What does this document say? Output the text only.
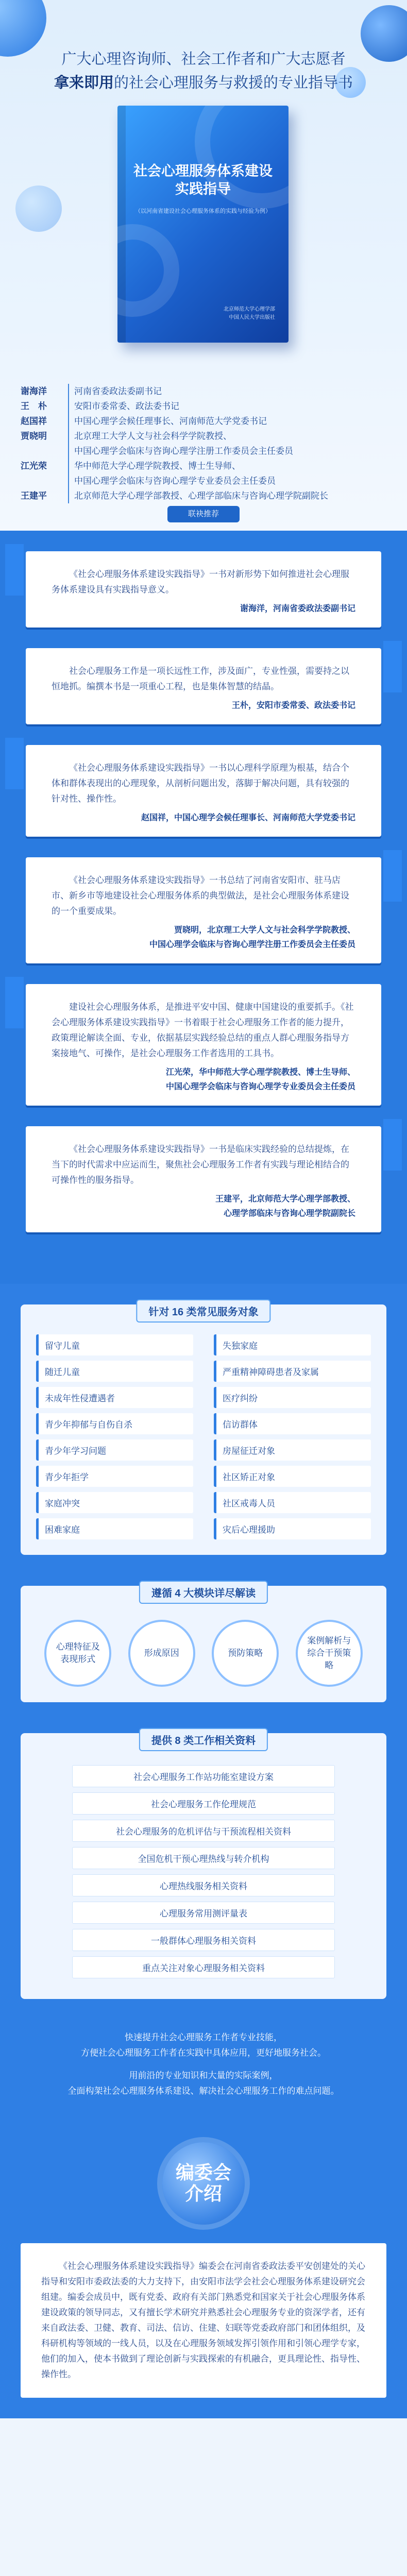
广大心理咨询师、社会工作者和广大志愿者
拿来即用的社会心理服务与救援的专业指导书
社会心理服务体系建设
实践指导
（以河南省建设社会心理服务体系的实践与经验为例）
北京师范大学心理学部
中国人民大学出版社
谢海洋	河南省委政法委副书记
王　朴	安阳市委常委、政法委书记
赵国祥	中国心理学会候任理事长、河南师范大学党委书记
贾晓明	北京理工大学人文与社会科学学院教授、
中国心理学会临床与咨询心理学注册工作委员会主任委员
江光荣	华中师范大学心理学院教授、博士生导师、
中国心理学会临床与咨询心理学专业委员会主任委员
王建平	北京师范大学心理学部教授、心理学部临床与咨询心理学院副院长
联袂推荐

《社会心理服务体系建设实践指导》一书对新形势下如何推进社会心理服务体系建设具有实践指导意义。

谢海洋，河南省委政法委副书记

社会心理服务工作是一项长远性工作，涉及面广，专业性强，需要持之以恒地抓。编撰本书是一项重心工程，也是集体智慧的结晶。

王朴，安阳市委常委、政法委书记

《社会心理服务体系建设实践指导》一书以心理科学原理为根基，结合个体和群体表现出的心理现象，从剖析问题出发，落脚于解决问题，具有较强的针对性、操作性。

赵国祥，中国心理学会候任理事长、河南师范大学党委书记

《社会心理服务体系建设实践指导》一书总结了河南省安阳市、驻马店市、新乡市等地建设社会心理服务体系的典型做法，是社会心理服务体系建设的一个重要成果。

贾晓明，北京理工大学人文与社会科学学院教授、
中国心理学会临床与咨询心理学注册工作委员会主任委员

建设社会心理服务体系，是推进平安中国、健康中国建设的重要抓手。《社会心理服务体系建设实践指导》一书着眼于社会心理服务工作者的能力提升，政策理论解读全面、专业，依据基层实践经验总结的重点人群心理服务指导方案接地气、可操作，是社会心理服务工作者选用的工具书。

江光荣，华中师范大学心理学院教授、博士生导师、
中国心理学会临床与咨询心理学专业委员会主任委员

《社会心理服务体系建设实践指导》一书是临床实践经验的总结提炼，在当下的时代需求中应运而生，聚焦社会心理服务工作者有实践与理论相结合的可操作性的服务指导。

王建平，北京师范大学心理学部教授、
心理学部临床与咨询心理学院副院长
针对 16 类常见服务对象
留守儿童	失独家庭
随迁儿童	严重精神障碍患者及家属
未成年性侵遭遇者	医疗纠纷
青少年抑郁与自伤自杀	信访群体
青少年学习问题	房屋征迁对象
青少年拒学	社区矫正对象
家庭冲突	社区戒毒人员
困难家庭	灾后心理援助
遵循 4 大模块详尽解读
心理特征及表现形式
形成原因	预防策略
案例解析与综合干预策略
提供 8 类工作相关资料
社会心理服务工作站功能室建设方案
社会心理服务工作伦理规范
社会心理服务的危机评估与干预流程相关资料
全国危机干预心理热线与转介机构
心理热线服务相关资料
心理服务常用测评量表
一般群体心理服务相关资料
重点关注对象心理服务相关资料

快速提升社会心理服务工作者专业技能，
方便社会心理服务工作者在实践中具体应用，更好地服务社会。

用前沿的专业知识和大量的实际案例，
全面构架社会心理服务体系建设、解决社会心理服务工作的难点问题。

编委会
介绍

《社会心理服务体系建设实践指导》编委会在河南省委政法委平安创建处的关心指导和安阳市委政法委的大力支持下，由安阳市法学会社会心理服务体系建设研究会组建。编委会成员中，既有党委、政府有关部门熟悉党和国家关于社会心理服务体系建设政策的领导同志，又有擅长学术研究并熟悉社会心理服务专业的资深学者，还有来自政法委、卫健、教育、司法、信访、住建、妇联等党委政府部门和团体组织，及科研机构等领域的一线人员，以及在心理服务领域发挥引领作用和引领心理学专家，他们的加入，使本书做到了理论创新与实践探索的有机融合，更具理论性、指导性、操作性。
